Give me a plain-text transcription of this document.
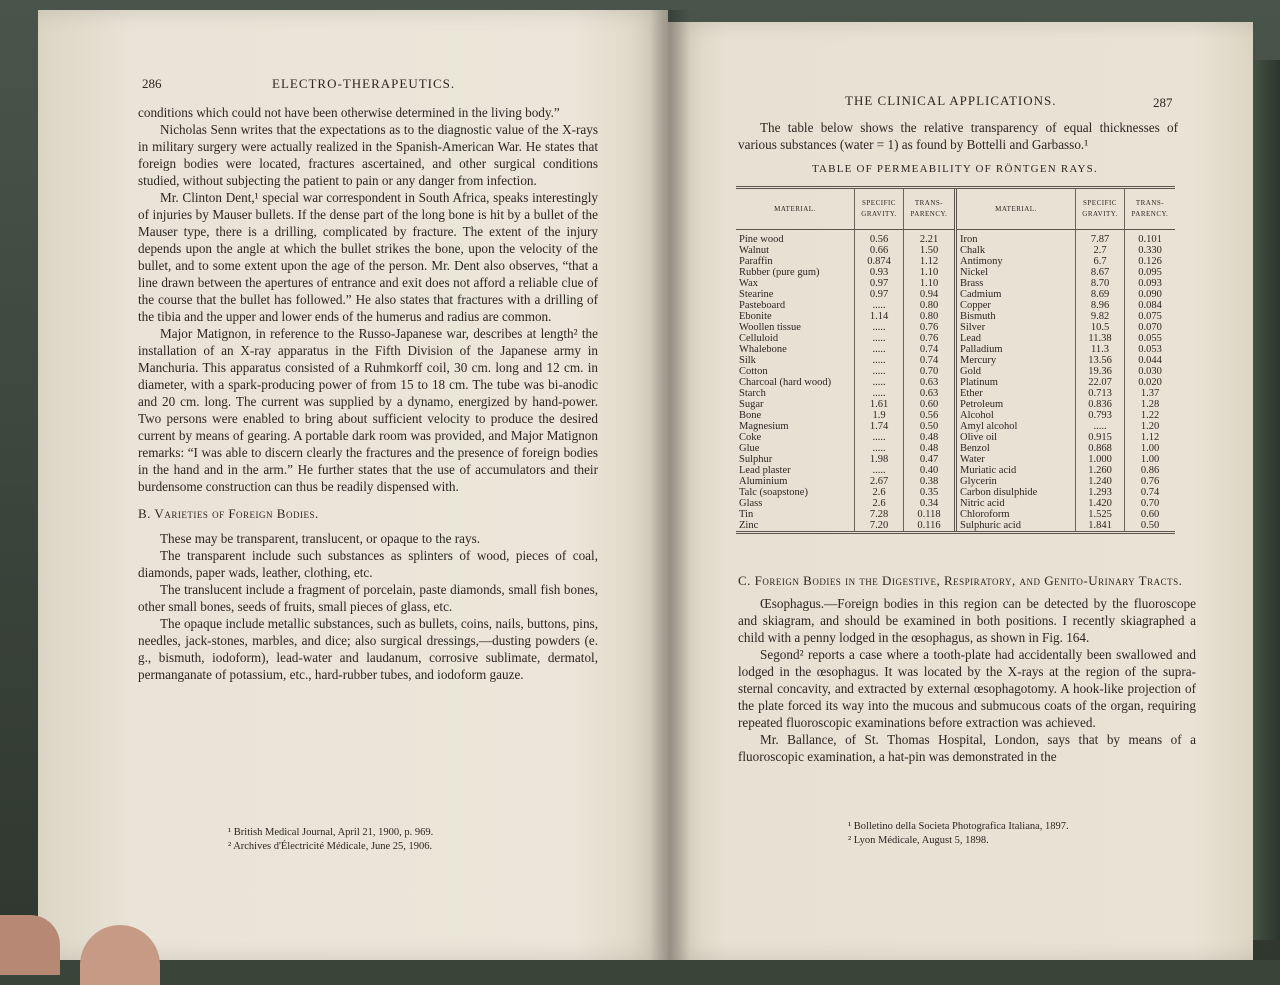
286	ELECTRO-THERAPEUTICS.

conditions which could not have been otherwise determined in the living body.”

Nicholas Senn writes that the expectations as to the diagnostic value of the X-rays in military surgery were actually realized in the Spanish-American War. He states that foreign bodies were located, fractures ascertained, and other surgical conditions studied, without subjecting the patient to pain or any danger from infection.

Mr. Clinton Dent,¹ special war correspondent in South Africa, speaks interestingly of injuries by Mauser bullets. If the dense part of the long bone is hit by a bullet of the Mauser type, there is a drilling, complicated by fracture. The extent of the injury depends upon the angle at which the bullet strikes the bone, upon the velocity of the bullet, and to some extent upon the age of the person. Mr. Dent also observes, “that a line drawn between the apertures of entrance and exit does not afford a reliable clue of the course that the bullet has followed.” He also states that fractures with a drilling of the tibia and the upper and lower ends of the humerus and radius are common.

Major Matignon, in reference to the Russo-Japanese war, describes at length² the installation of an X-ray apparatus in the Fifth Division of the Japanese army in Manchuria. This apparatus consisted of a Ruhmkorff coil, 30 cm. long and 12 cm. in diameter, with a spark-producing power of from 15 to 18 cm. The tube was bi-anodic and 20 cm. long. The current was supplied by a dynamo, energized by hand-power. Two persons were enabled to bring about sufficient velocity to produce the desired current by means of gearing. A portable dark room was provided, and Major Matignon remarks: “I was able to discern clearly the fractures and the presence of foreign bodies in the hand and in the arm.” He further states that the use of accumulators and their burdensome construction can thus be readily dispensed with.

B. Varieties of Foreign Bodies.

These may be transparent, translucent, or opaque to the rays.

The transparent include such substances as splinters of wood, pieces of coal, diamonds, paper wads, leather, clothing, etc.

The translucent include a fragment of porcelain, paste diamonds, small fish bones, other small bones, seeds of fruits, small pieces of glass, etc.

The opaque include metallic substances, such as bullets, coins, nails, buttons, pins, needles, jack-stones, marbles, and dice; also surgical dressings,—dusting powders (e. g., bismuth, iodoform), lead-water and laudanum, corrosive sublimate, dermatol, permanganate of potassium, etc., hard-rubber tubes, and iodoform gauze.

¹ British Medical Journal, April 21, 1900, p. 969.
² Archives d'Électricité Médicale, June 25, 1906.
THE CLINICAL APPLICATIONS.	287

The table below shows the relative transparency of equal thicknesses of various substances (water = 1) as found by Bottelli and Garbasso.¹

TABLE OF PERMEABILITY OF RÖNTGEN RAYS.
MATERIAL.	SPECIFIC GRAVITY.	TRANS-PARENCY.	MATERIAL.	SPECIFIC GRAVITY.	TRANS-PARENCY.
Pine wood	0.56	2.21	Iron	7.87	0.101
Walnut	0.66	1.50	Chalk	2.7	0.330
Paraffin	0.874	1.12	Antimony	6.7	0.126
Rubber (pure gum)	0.93	1.10	Nickel	8.67	0.095
Wax	0.97	1.10	Brass	8.70	0.093
Stearine	0.97	0.94	Cadmium	8.69	0.090
Pasteboard	.....	0.80	Copper	8.96	0.084
Ebonite	1.14	0.80	Bismuth	9.82	0.075
Woollen tissue	.....	0.76	Silver	10.5	0.070
Celluloid	.....	0.76	Lead	11.38	0.055
Whalebone	.....	0.74	Palladium	11.3	0.053
Silk	.....	0.74	Mercury	13.56	0.044
Cotton	.....	0.70	Gold	19.36	0.030
Charcoal (hard wood)	.....	0.63	Platinum	22.07	0.020
Starch	.....	0.63	Ether	0.713	1.37
Sugar	1.61	0.60	Petroleum	0.836	1.28
Bone	1.9	0.56	Alcohol	0.793	1.22
Magnesium	1.74	0.50	Amyl alcohol	.....	1.20
Coke	.....	0.48	Olive oil	0.915	1.12
Glue	.....	0.48	Benzol	0.868	1.00
Sulphur	1.98	0.47	Water	1.000	1.00
Lead plaster	.....	0.40	Muriatic acid	1.260	0.86
Aluminium	2.67	0.38	Glycerin	1.240	0.76
Talc (soapstone)	2.6	0.35	Carbon disulphide	1.293	0.74
Glass	2.6	0.34	Nitric acid	1.420	0.70
Tin	7.28	0.118	Chloroform	1.525	0.60
Zinc	7.20	0.116	Sulphuric acid	1.841	0.50
C. Foreign Bodies in the Digestive, Respiratory, and Genito-Urinary Tracts.

Œsophagus.—Foreign bodies in this region can be detected by the fluoroscope and skiagram, and should be examined in both positions. I recently skiagraphed a child with a penny lodged in the œsophagus, as shown in Fig. 164.

Segond² reports a case where a tooth-plate had accidentally been swallowed and lodged in the œsophagus. It was located by the X-rays at the region of the supra-sternal concavity, and extracted by external œsophagotomy. A hook-like projection of the plate forced its way into the mucous and submucous coats of the organ, requiring repeated fluoroscopic examinations before extraction was achieved.

Mr. Ballance, of St. Thomas Hospital, London, says that by means of a fluoroscopic examination, a hat-pin was demonstrated in the

¹ Bolletino della Societa Photografica Italiana, 1897.
² Lyon Médicale, August 5, 1898.
